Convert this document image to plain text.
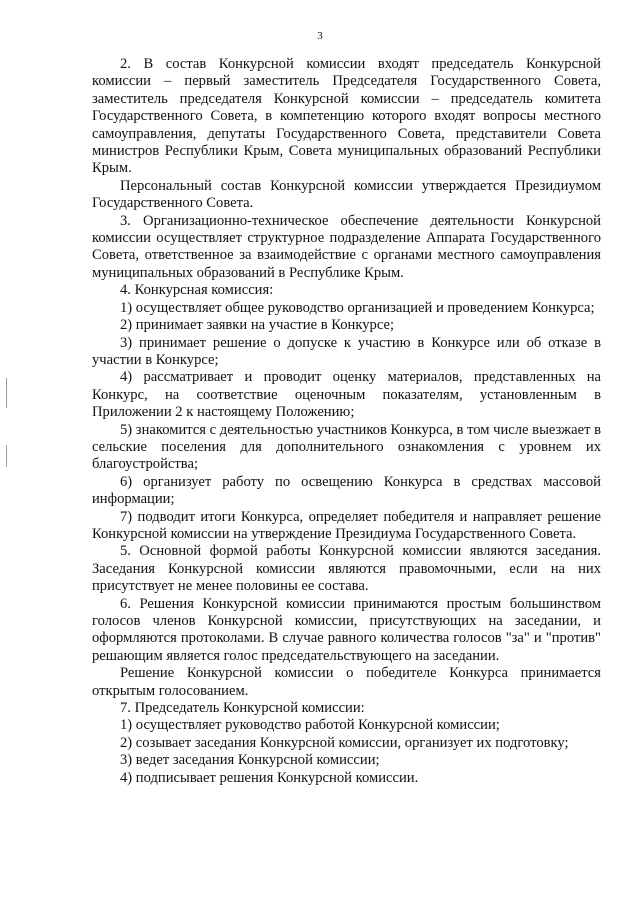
3

2. В состав Конкурсной комиссии входят председатель Конкурсной комиссии – первый заместитель Председателя Государственного Совета, заместитель председателя Конкурсной комиссии – председатель комитета Государственного Совета, в компетенцию которого входят вопросы местного самоуправления, депутаты Государственного Совета, представители Совета министров Республики Крым, Совета муниципальных образований Республики Крым.

Персональный состав Конкурсной комиссии утверждается Президиумом Государственного Совета.

3. Организационно-техническое обеспечение деятельности Конкурсной комиссии осуществляет структурное подразделение Аппарата Государственного Совета, ответственное за взаимодействие с органами местного самоуправления муниципальных образований в Республике Крым.

4. Конкурсная комиссия:

1) осуществляет общее руководство организацией и проведением Конкурса;

2) принимает заявки на участие в Конкурсе;

3) принимает решение о допуске к участию в Конкурсе или об отказе в участии в Конкурсе;

4) рассматривает и проводит оценку материалов, представленных на Конкурс, на соответствие оценочным показателям, установленным в Приложении 2 к настоящему Положению;

5) знакомится с деятельностью участников Конкурса, в том числе выезжает в сельские поселения для дополнительного ознакомления с уровнем их благоустройства;

6) организует работу по освещению Конкурса в средствах массовой информации;

7) подводит итоги Конкурса, определяет победителя и направляет решение Конкурсной комиссии на утверждение Президиума Государственного Совета.

5. Основной формой работы Конкурсной комиссии являются заседания. Заседания Конкурсной комиссии являются правомочными, если на них присутствует не менее половины ее состава.

6. Решения Конкурсной комиссии принимаются простым большинством голосов членов Конкурсной комиссии, присутствующих на заседании, и оформляются протоколами. В случае равного количества голосов "за" и "против" решающим является голос председательствующего на заседании.

Решение Конкурсной комиссии о победителе Конкурса принимается открытым голосованием.

7. Председатель Конкурсной комиссии:

1) осуществляет руководство работой Конкурсной комиссии;

2) созывает заседания Конкурсной комиссии, организует их подготовку;

3) ведет заседания Конкурсной комиссии;

4) подписывает решения Конкурсной комиссии.
